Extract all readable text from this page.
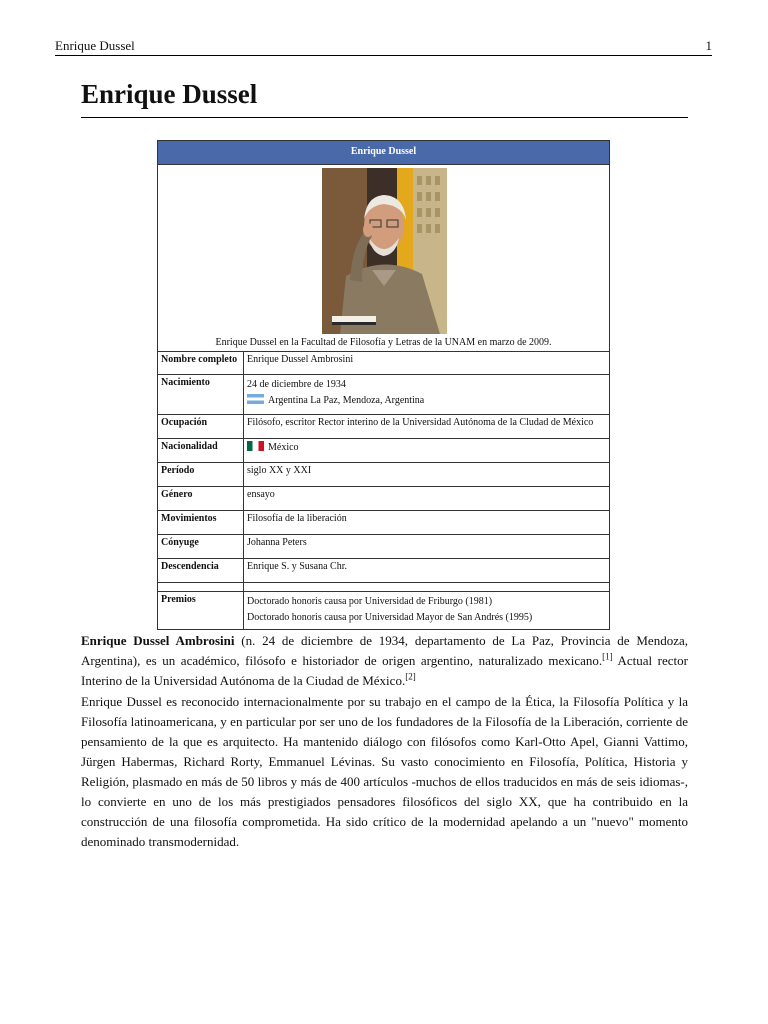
Enrique Dussel	1
Enrique Dussel
Enrique Dussel
Enrique Dussel en la Facultad de Filosofía y Letras de la UNAM en marzo de 2009.
Nombre completo Enrique Dussel Ambrosini
Nacimiento	24 de diciembre de 1934
Argentina La Paz, Mendoza, Argentina
Ocupación	Filósofo, escritor Rector interino de la Universidad Autónoma de la Cludad de México
Nacionalidad	México
Período	siglo XX y XXI
Género	ensayo
Movimientos	Filosofía de la liberación
Cónyuge	Johanna Peters
Descendencia	Enrique S. y Susana Chr.
Premios	Doctorado honoris causa por Universidad de Friburgo (1981)
Doctorado honoris causa por Universidad Mayor de San Andrés (1995)

Enrique Dussel Ambrosini (n. 24 de diciembre de 1934, departamento de La Paz, Provincia de Mendoza, Argentina), es un académico, filósofo e historiador de origen argentino, naturalizado mexicano.[1] Actual rector Interino de la Universidad Autónoma de la Ciudad de México.[2]

Enrique Dussel es reconocido internacionalmente por su trabajo en el campo de la Ética, la Filosofía Política y la Filosofía latinoamericana, y en particular por ser uno de los fundadores de la Filosofía de la Liberación, corriente de pensamiento de la que es arquitecto. Ha mantenido diálogo con filósofos como Karl-Otto Apel, Gianni Vattimo, Jürgen Habermas, Richard Rorty, Emmanuel Lévinas. Su vasto conocimiento en Filosofía, Política, Historia y Religión, plasmado en más de 50 libros y más de 400 artículos -muchos de ellos traducidos en más de seis idiomas-, lo convierte en uno de los más prestigiados pensadores filosóficos del siglo XX, que ha contribuido en la construcción de una filosofía comprometida. Ha sido crítico de la modernidad apelando a un "nuevo" momento denominado transmodernidad.
